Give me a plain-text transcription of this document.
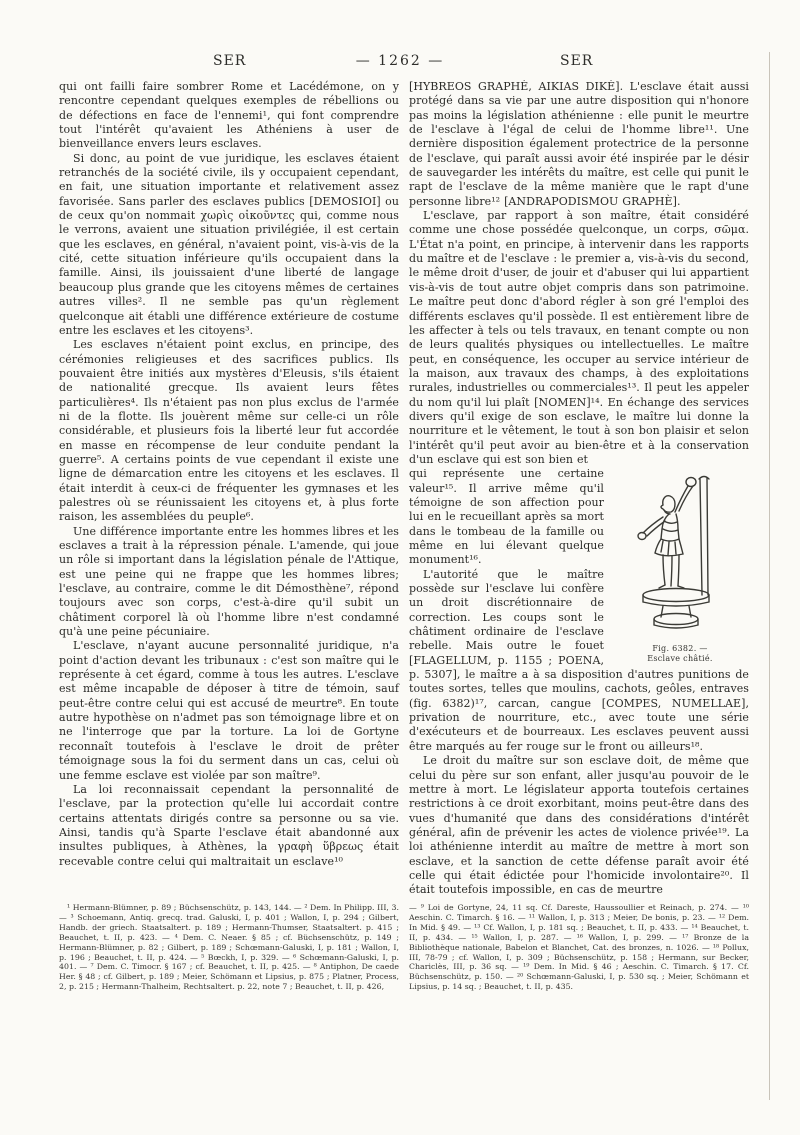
SER	— 1262 —	SER

qui ont failli faire sombrer Rome et Lacédémone, on y rencontre cependant quelques exemples de rébellions ou de défections en face de l'ennemi¹, qui font comprendre tout l'intérêt qu'avaient les Athéniens à user de bienveillance envers leurs esclaves.

Si donc, au point de vue juridique, les esclaves étaient retranchés de la société civile, ils y occupaient cependant, en fait, une situation importante et relativement assez favorisée. Sans parler des esclaves publics [DEMOSIOI] ou de ceux qu'on nommait χωρὶς οἰκοῦντες qui, comme nous le verrons, avaient une situation privilégiée, il est certain que les esclaves, en général, n'avaient point, vis-à-vis de la cité, cette situation inférieure qu'ils occupaient dans la famille. Ainsi, ils jouissaient d'une liberté de langage beaucoup plus grande que les citoyens mêmes de certaines autres villes². Il ne semble pas qu'un règlement quelconque ait établi une différence extérieure de costume entre les esclaves et les citoyens³.

Les esclaves n'étaient point exclus, en principe, des cérémonies religieuses et des sacrifices publics. Ils pouvaient être initiés aux mystères d'Eleusis, s'ils étaient de nationalité grecque. Ils avaient leurs fêtes particulières⁴. Ils n'étaient pas non plus exclus de l'armée ni de la flotte. Ils jouèrent même sur celle-ci un rôle considérable, et plusieurs fois la liberté leur fut accordée en masse en récompense de leur conduite pendant la guerre⁵. A certains points de vue cependant il existe une ligne de démarcation entre les citoyens et les esclaves. Il était interdit à ceux-ci de fréquenter les gymnases et les palestres où se réunissaient les citoyens et, à plus forte raison, les assemblées du peuple⁶.

Une différence importante entre les hommes libres et les esclaves a trait à la répression pénale. L'amende, qui joue un rôle si important dans la législation pénale de l'Attique, est une peine qui ne frappe que les hommes libres; l'esclave, au contraire, comme le dit Démosthène⁷, répond toujours avec son corps, c'est-à-dire qu'il subit un châtiment corporel là où l'homme libre n'est condamné qu'à une peine pécuniaire.

L'esclave, n'ayant aucune personnalité juridique, n'a point d'action devant les tribunaux : c'est son maître qui le représente à cet égard, comme à tous les autres. L'esclave est même incapable de déposer à titre de témoin, sauf peut-être contre celui qui est accusé de meurtre⁸. En toute autre hypothèse on n'admet pas son témoignage libre et on ne l'interroge que par la torture. La loi de Gortyne reconnaît toutefois à l'esclave le droit de prêter témoignage sous la foi du serment dans un cas, celui où une femme esclave est violée par son maître⁹.

La loi reconnaissait cependant la personnalité de l'esclave, par la protection qu'elle lui accordait contre certains attentats dirigés contre sa personne ou sa vie. Ainsi, tandis qu'à Sparte l'esclave était abandonné aux insultes publiques, à Athènes, la γραφὴ ὕβρεως était recevable contre celui qui maltraitait un esclave¹⁰

[HYBREOS GRAPHÈ, AIKIAS DIKÈ]. L'esclave était aussi protégé dans sa vie par une autre disposition qui n'honore pas moins la législation athénienne : elle punit le meurtre de l'esclave à l'égal de celui de l'homme libre¹¹. Une dernière disposition également protectrice de la personne de l'esclave, qui paraît aussi avoir été inspirée par le désir de sauvegarder les intérêts du maître, est celle qui punit le rapt de l'esclave de la même manière que le rapt d'une personne libre¹² [ANDRAPODISMOU GRAPHÈ].

L'esclave, par rapport à son maître, était considéré comme une chose possédée quelconque, un corps, σῶμα. L'État n'a point, en principe, à intervenir dans les rapports du maître et de l'esclave : le premier a, vis-à-vis du second, le même droit d'user, de jouir et d'abuser qui lui appartient vis-à-vis de tout autre objet compris dans son patrimoine. Le maître peut donc d'abord régler à son gré l'emploi des différents esclaves qu'il possède. Il est entièrement libre de les affecter à tels ou tels travaux, en tenant compte ou non de leurs qualités physiques ou intellectuelles. Le maître peut, en conséquence, les occuper au service intérieur de la maison, aux travaux des champs, à des exploitations rurales, industrielles ou commerciales¹³. Il peut les appeler du nom qu'il lui plaît [NOMEN]¹⁴. En échange des services divers qu'il exige de son esclave, le maître lui donne la nourriture et le vêtement, le tout à son bon plaisir et selon l'intérêt qu'il peut avoir au bien-être et à la conservation d'un esclave qui est son bien et

Fig. 6382. —
Esclave châtié.

qui représente une certaine valeur¹⁵. Il arrive même qu'il témoigne de son affection pour lui en le recueillant après sa mort dans le tombeau de la famille ou même en lui élevant quelque monument¹⁶.

L'autorité que le maître possède sur l'esclave lui confère un droit discrétionnaire de correction. Les coups sont le châtiment ordinaire de l'esclave rebelle. Mais outre le fouet [FLAGELLUM, p. 1155 ; POENA, p. 5307], le maître a à sa disposition d'autres punitions de toutes sortes, telles que moulins, cachots, geôles, entraves (fig. 6382)¹⁷, carcan, cangue [COMPES, NUMELLAE], privation de nourriture, etc., avec toute une série d'exécuteurs et de bourreaux. Les esclaves peuvent aussi être marqués au fer rouge sur le front ou ailleurs¹⁸.

Le droit du maître sur son esclave doit, de même que celui du père sur son enfant, aller jusqu'au pouvoir de le mettre à mort. Le législateur apporta toutefois certaines restrictions à ce droit exorbitant, moins peut-être dans des vues d'humanité que dans des considérations d'intérêt général, afin de prévenir les actes de violence privée¹⁹. La loi athénienne interdit au maître de mettre à mort son esclave, et la sanction de cette défense paraît avoir été celle qui était édictée pour l'homicide involontaire²⁰. Il était toutefois impossible, en cas de meurtre

¹ Hermann-Blümner, p. 89 ; Büchsenschütz, p. 143, 144. — ² Dem. In Philipp. III, 3. — ³ Schoemann, Antiq. grecq. trad. Galuski, I, p. 401 ; Wallon, I, p. 294 ; Gilbert, Handb. der griech. Staatsaltert. p. 189 ; Hermann-Thumser, Staatsaltert. p. 415 ; Beauchet, t. II, p. 423. — ⁴ Dem. C. Neaer. § 85 ; cf. Büchsenschütz, p. 149 ; Hermann-Blümner, p. 82 ; Gilbert, p. 189 ; Schœmann-Galuski, I, p. 181 ; Wallon, I, p. 196 ; Beauchet, t. II, p. 424. — ⁵ Bœckh, I, p. 329. — ⁶ Schœmann-Galuski, I, p. 401. — ⁷ Dem. C. Timocr. § 167 ; cf. Beauchet, t. II, p. 425. — ⁸ Antiphon, De caede Her. § 48 ; cf. Gilbert, p. 189 ; Meier, Schömann et Lipsius, p. 875 ; Platner, Process, 2, p. 215 ; Hermann-Thalheim, Rechtsaltert. p. 22, note 7 ; Beauchet, t. II, p. 426,
— ⁹ Loi de Gortyne, 24, 11 sq. Cf. Dareste, Haussoullier et Reinach, p. 274. — ¹⁰ Aeschin. C. Timarch. § 16. — ¹¹ Wallon, I, p. 313 ; Meier, De bonis, p. 23. — ¹² Dem. In Mid. § 49. — ¹³ Cf. Wallon, I, p. 181 sq. ; Beauchet, t. II, p. 433. — ¹⁴ Beauchet, t. II, p. 434. — ¹⁵ Wallon, I, p. 287. — ¹⁶ Wallon, I, p. 299. — ¹⁷ Bronze de la Bibliothèque nationale, Babelon et Blanchet, Cat. des bronzes, n. 1026. — ¹⁸ Pollux, III, 78-79 ; cf. Wallon, I, p. 309 ; Büchsenschütz, p. 158 ; Hermann, sur Becker, Chariclès, III, p. 36 sq. — ¹⁹ Dem. In Mid. § 46 ; Aeschin. C. Timarch. § 17. Cf. Büchsenschütz, p. 150. — ²⁰ Schœmann-Galuski, I, p. 530 sq. ; Meier, Schömann et Lipsius, p. 14 sq. ; Beauchet, t. II, p. 435.
